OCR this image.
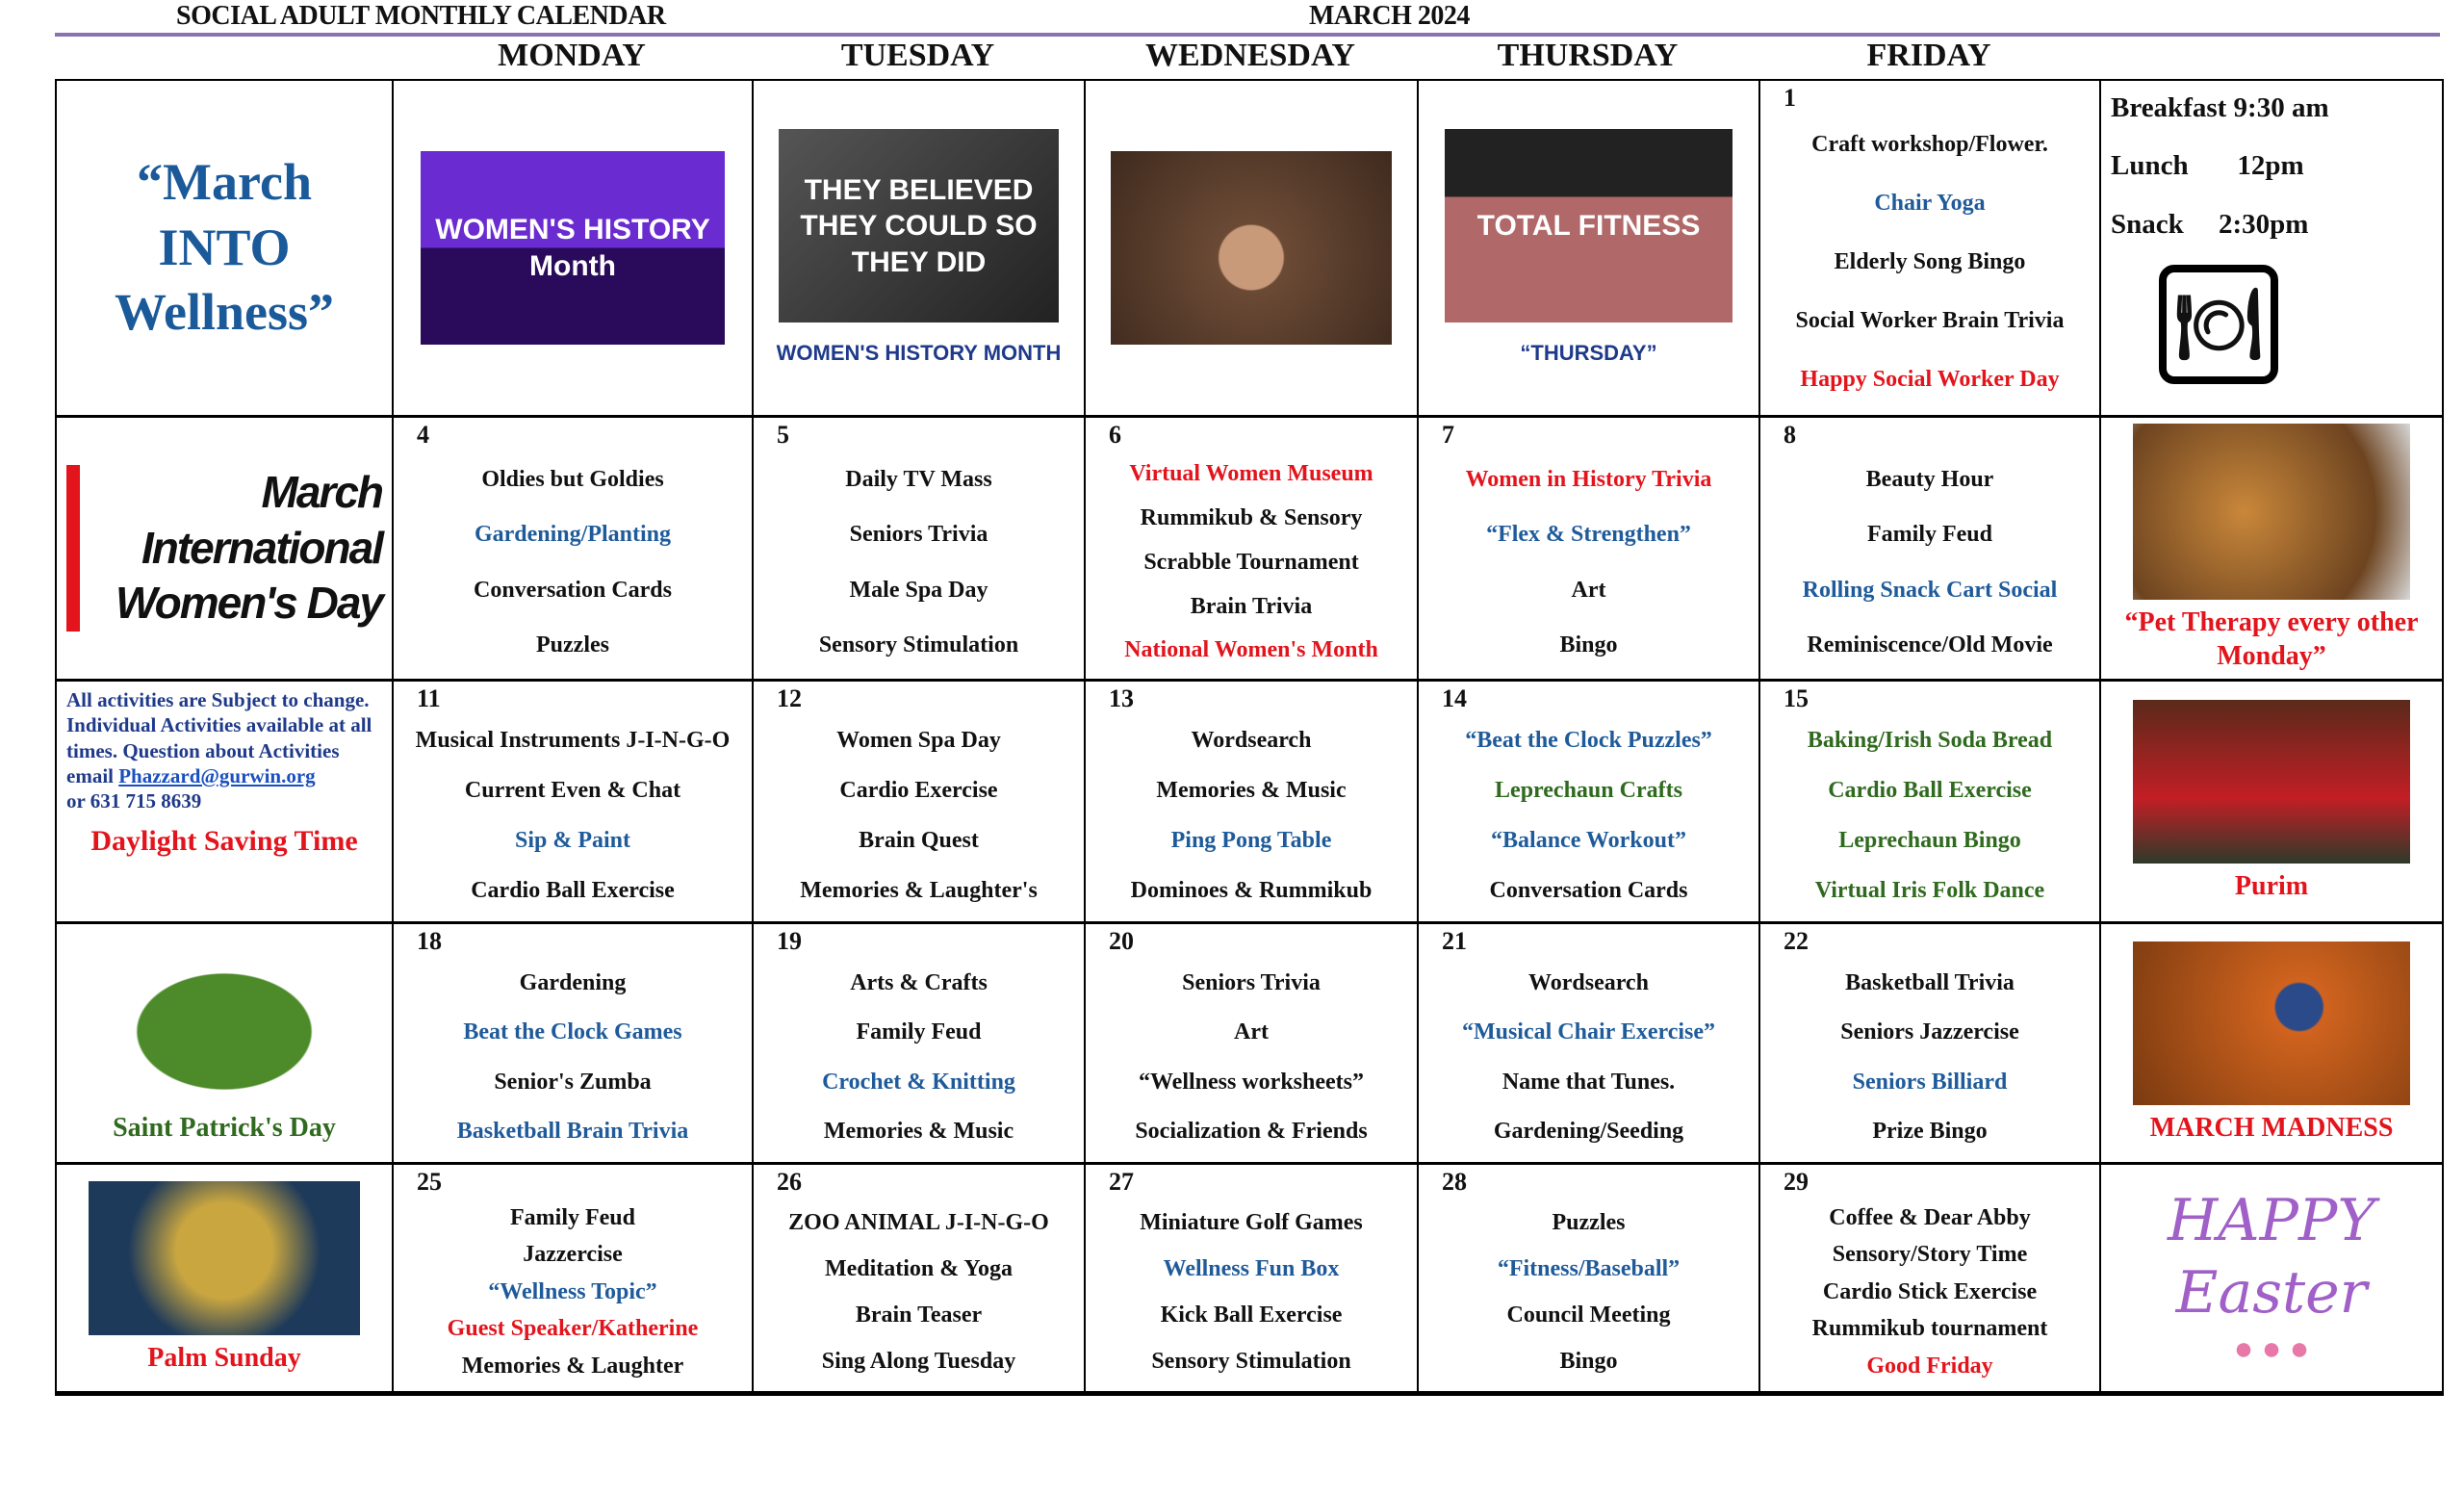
SOCIAL ADULT MONTHLY CALENDAR	MARCH 2024
MONDAY	TUESDAY	WEDNESDAY	THURSDAY	FRIDAY
“March INTO Wellness”
WOMEN'S HISTORY Month
THEY BELIEVED THEY COULD SO THEY DID
WOMEN'S HISTORY MONTH
TOTAL FITNESS
“THURSDAY”
1
Craft workshop/Flower.
Chair Yoga
Elderly Song Bingo
Social Worker Brain Trivia
Happy Social Worker Day
Breakfast 9:30 am
Lunch       12pm
Snack     2:30pm
🍽
March International Women's Day
4
Oldies but Goldies
Gardening/Planting
Conversation Cards
Puzzles
5
Daily TV Mass
Seniors Trivia
Male Spa Day
Sensory Stimulation
6
Virtual Women Museum
Rummikub & Sensory
Scrabble Tournament
Brain Trivia
National Women's Month
7
Women in History Trivia
“Flex & Strengthen”
Art
Bingo
8
Beauty Hour
Family Feud
Rolling Snack Cart Social
Reminiscence/Old Movie
“Pet Therapy every other Monday”
All activities are Subject to change. Individual Activities available at all times. Question about Activities email Phazzard@gurwin.org
or 631 715 8639
Daylight Saving Time
11
Musical Instruments J-I-N-G-O
Current Even & Chat
Sip & Paint
Cardio Ball Exercise
12
Women Spa Day
Cardio Exercise
Brain Quest
Memories & Laughter's
13
Wordsearch
Memories & Music
Ping Pong Table
Dominoes & Rummikub
14
“Beat the Clock Puzzles”
Leprechaun Crafts
“Balance Workout”
Conversation Cards
15
Baking/Irish Soda Bread
Cardio Ball Exercise
Leprechaun Bingo
Virtual Iris Folk Dance	Purim
Saint Patrick's Day
18
Gardening
Beat the Clock Games
Senior's Zumba
Basketball Brain Trivia
19
Arts & Crafts
Family Feud
Crochet & Knitting
Memories & Music
20
Seniors Trivia
Art
“Wellness worksheets”
Socialization & Friends
21
Wordsearch
“Musical Chair Exercise”
Name that Tunes.
Gardening/Seeding
22
Basketball Trivia
Seniors Jazzercise
Seniors Billiard
Prize Bingo	MARCH MADNESS
Palm Sunday
25
Family Feud
Jazzercise
“Wellness Topic”
Guest Speaker/Katherine
Memories & Laughter
26
ZOO ANIMAL J-I-N-G-O
Meditation & Yoga
Brain Teaser
Sing Along Tuesday
27
Miniature Golf Games
Wellness Fun Box
Kick Ball Exercise
Sensory Stimulation
28
Puzzles
“Fitness/Baseball”
Council Meeting
Bingo
29
Coffee & Dear Abby
Sensory/Story Time
Cardio Stick Exercise
Rummikub tournament
Good Friday
HAPPY Easter
● ● ●
